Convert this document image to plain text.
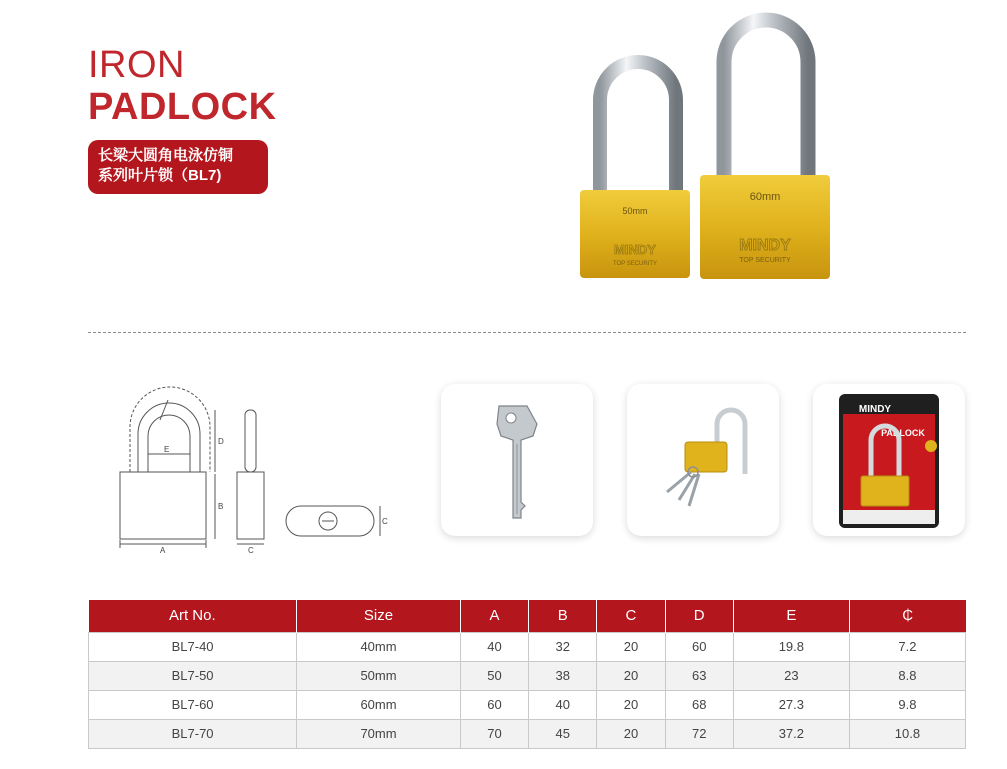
IRON
PADLOCK
长梁大圆角电泳仿铜
系列叶片锁（BL7)
50mm
MINDY
TOP SECURITY
60mm
MINDY
TOP SECURITY
E
D
B
A	C
C
MINDY
PADLOCK
Art No.	Size	A	B	C	D	E	₵
BL7-40	40mm	40	32	20	60	19.8	7.2
BL7-50	50mm	50	38	20	63	23	8.8
BL7-60	60mm	60	40	20	68	27.3	9.8
BL7-70	70mm	70	45	20	72	37.2	10.8
